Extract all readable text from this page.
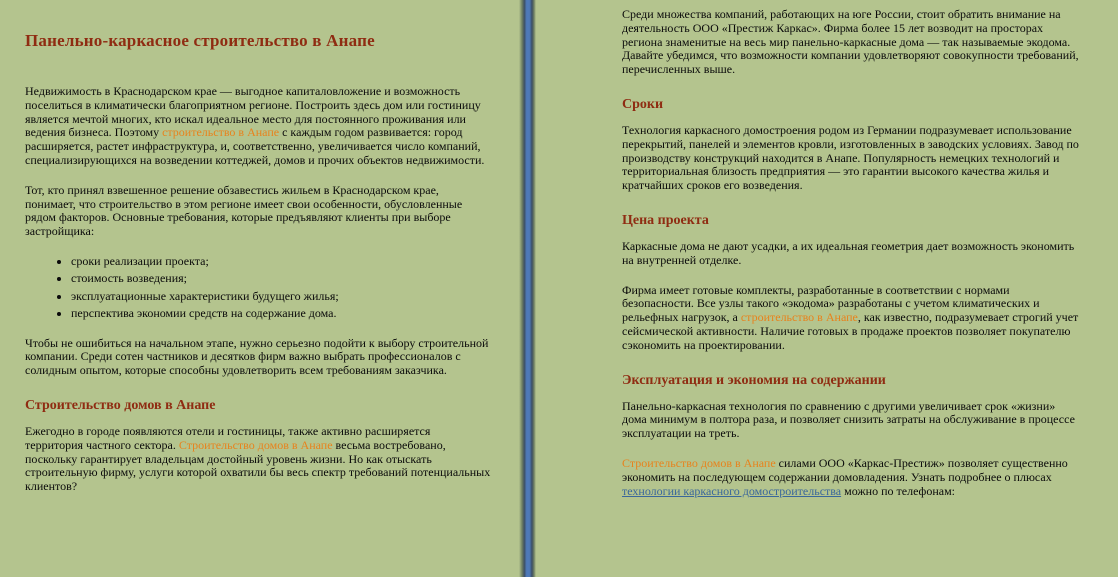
Панельно-каркасное строительство в Анапе

Недвижимость в Краснодарском крае — выгодное капиталовложение и возможность поселиться в климатически благоприятном регионе. Построить здесь дом или гостиницу является мечтой многих, кто искал идеальное место для постоянного проживания или ведения бизнеса. Поэтому строительство в Анапе с каждым годом развивается: город расширяется, растет инфраструктура, и, соответственно, увеличивается число компаний, специализирующихся на возведении коттеджей, домов и прочих объектов недвижимости.

Тот, кто принял взвешенное решение обзавестись жильем в Краснодарском крае, понимает, что строительство в этом регионе имеет свои особенности, обусловленные рядом факторов. Основные требования, которые предъявляют клиенты при выборе застройщика:

• сроки реализации проекта;
• стоимость возведения;
• эксплуатационные характеристики будущего жилья;
• перспектива экономии средств на содержание дома.

Чтобы не ошибиться на начальном этапе, нужно серьезно подойти к выбору строительной компании. Среди сотен частников и десятков фирм важно выбрать профессионалов с солидным опытом, которые способны удовлетворить всем требованиям заказчика.

Строительство домов в Анапе

Ежегодно в городе появляются отели и гостиницы, также активно расширяется территория частного сектора. Строительство домов в Анапе весьма востребовано, поскольку гарантирует владельцам достойный уровень жизни. Но как отыскать строительную фирму, услуги которой охватили бы весь спектр требований потенциальных клиентов?

Среди множества компаний, работающих на юге России, стоит обратить внимание на деятельность ООО «Престиж Каркас». Фирма более 15 лет возводит на просторах региона знаменитые на весь мир панельно-каркасные дома — так называемые экодома. Давайте убедимся, что возможности компании удовлетворяют совокупности требований, перечисленных выше.

Сроки

Технология каркасного домостроения родом из Германии подразумевает использование перекрытий, панелей и элементов кровли, изготовленных в заводских условиях. Завод по производству конструкций находится в Анапе. Популярность немецких технологий и территориальная близость предприятия — это гарантии высокого качества жилья и кратчайших сроков его возведения.

Цена проекта

Каркасные дома не дают усадки, а их идеальная геометрия дает возможность экономить на внутренней отделке.

Фирма имеет готовые комплекты, разработанные в соответствии с нормами безопасности. Все узлы такого «экодома» разработаны с учетом климатических и рельефных нагрузок, а строительство в Анапе, как известно, подразумевает строгий учет сейсмической активности. Наличие готовых в продаже проектов позволяет покупателю сэкономить на проектировании.

Эксплуатация и экономия на содержании

Панельно-каркасная технология по сравнению с другими увеличивает срок «жизни» дома минимум в полтора раза, и позволяет снизить затраты на обслуживание в процессе эксплуатации на треть.

Строительство домов в Анапе силами ООО «Каркас-Престиж» позволяет существенно экономить на последующем содержании домовладения. Узнать подробнее о плюсах технологии каркасного домостроительства можно по телефонам:
